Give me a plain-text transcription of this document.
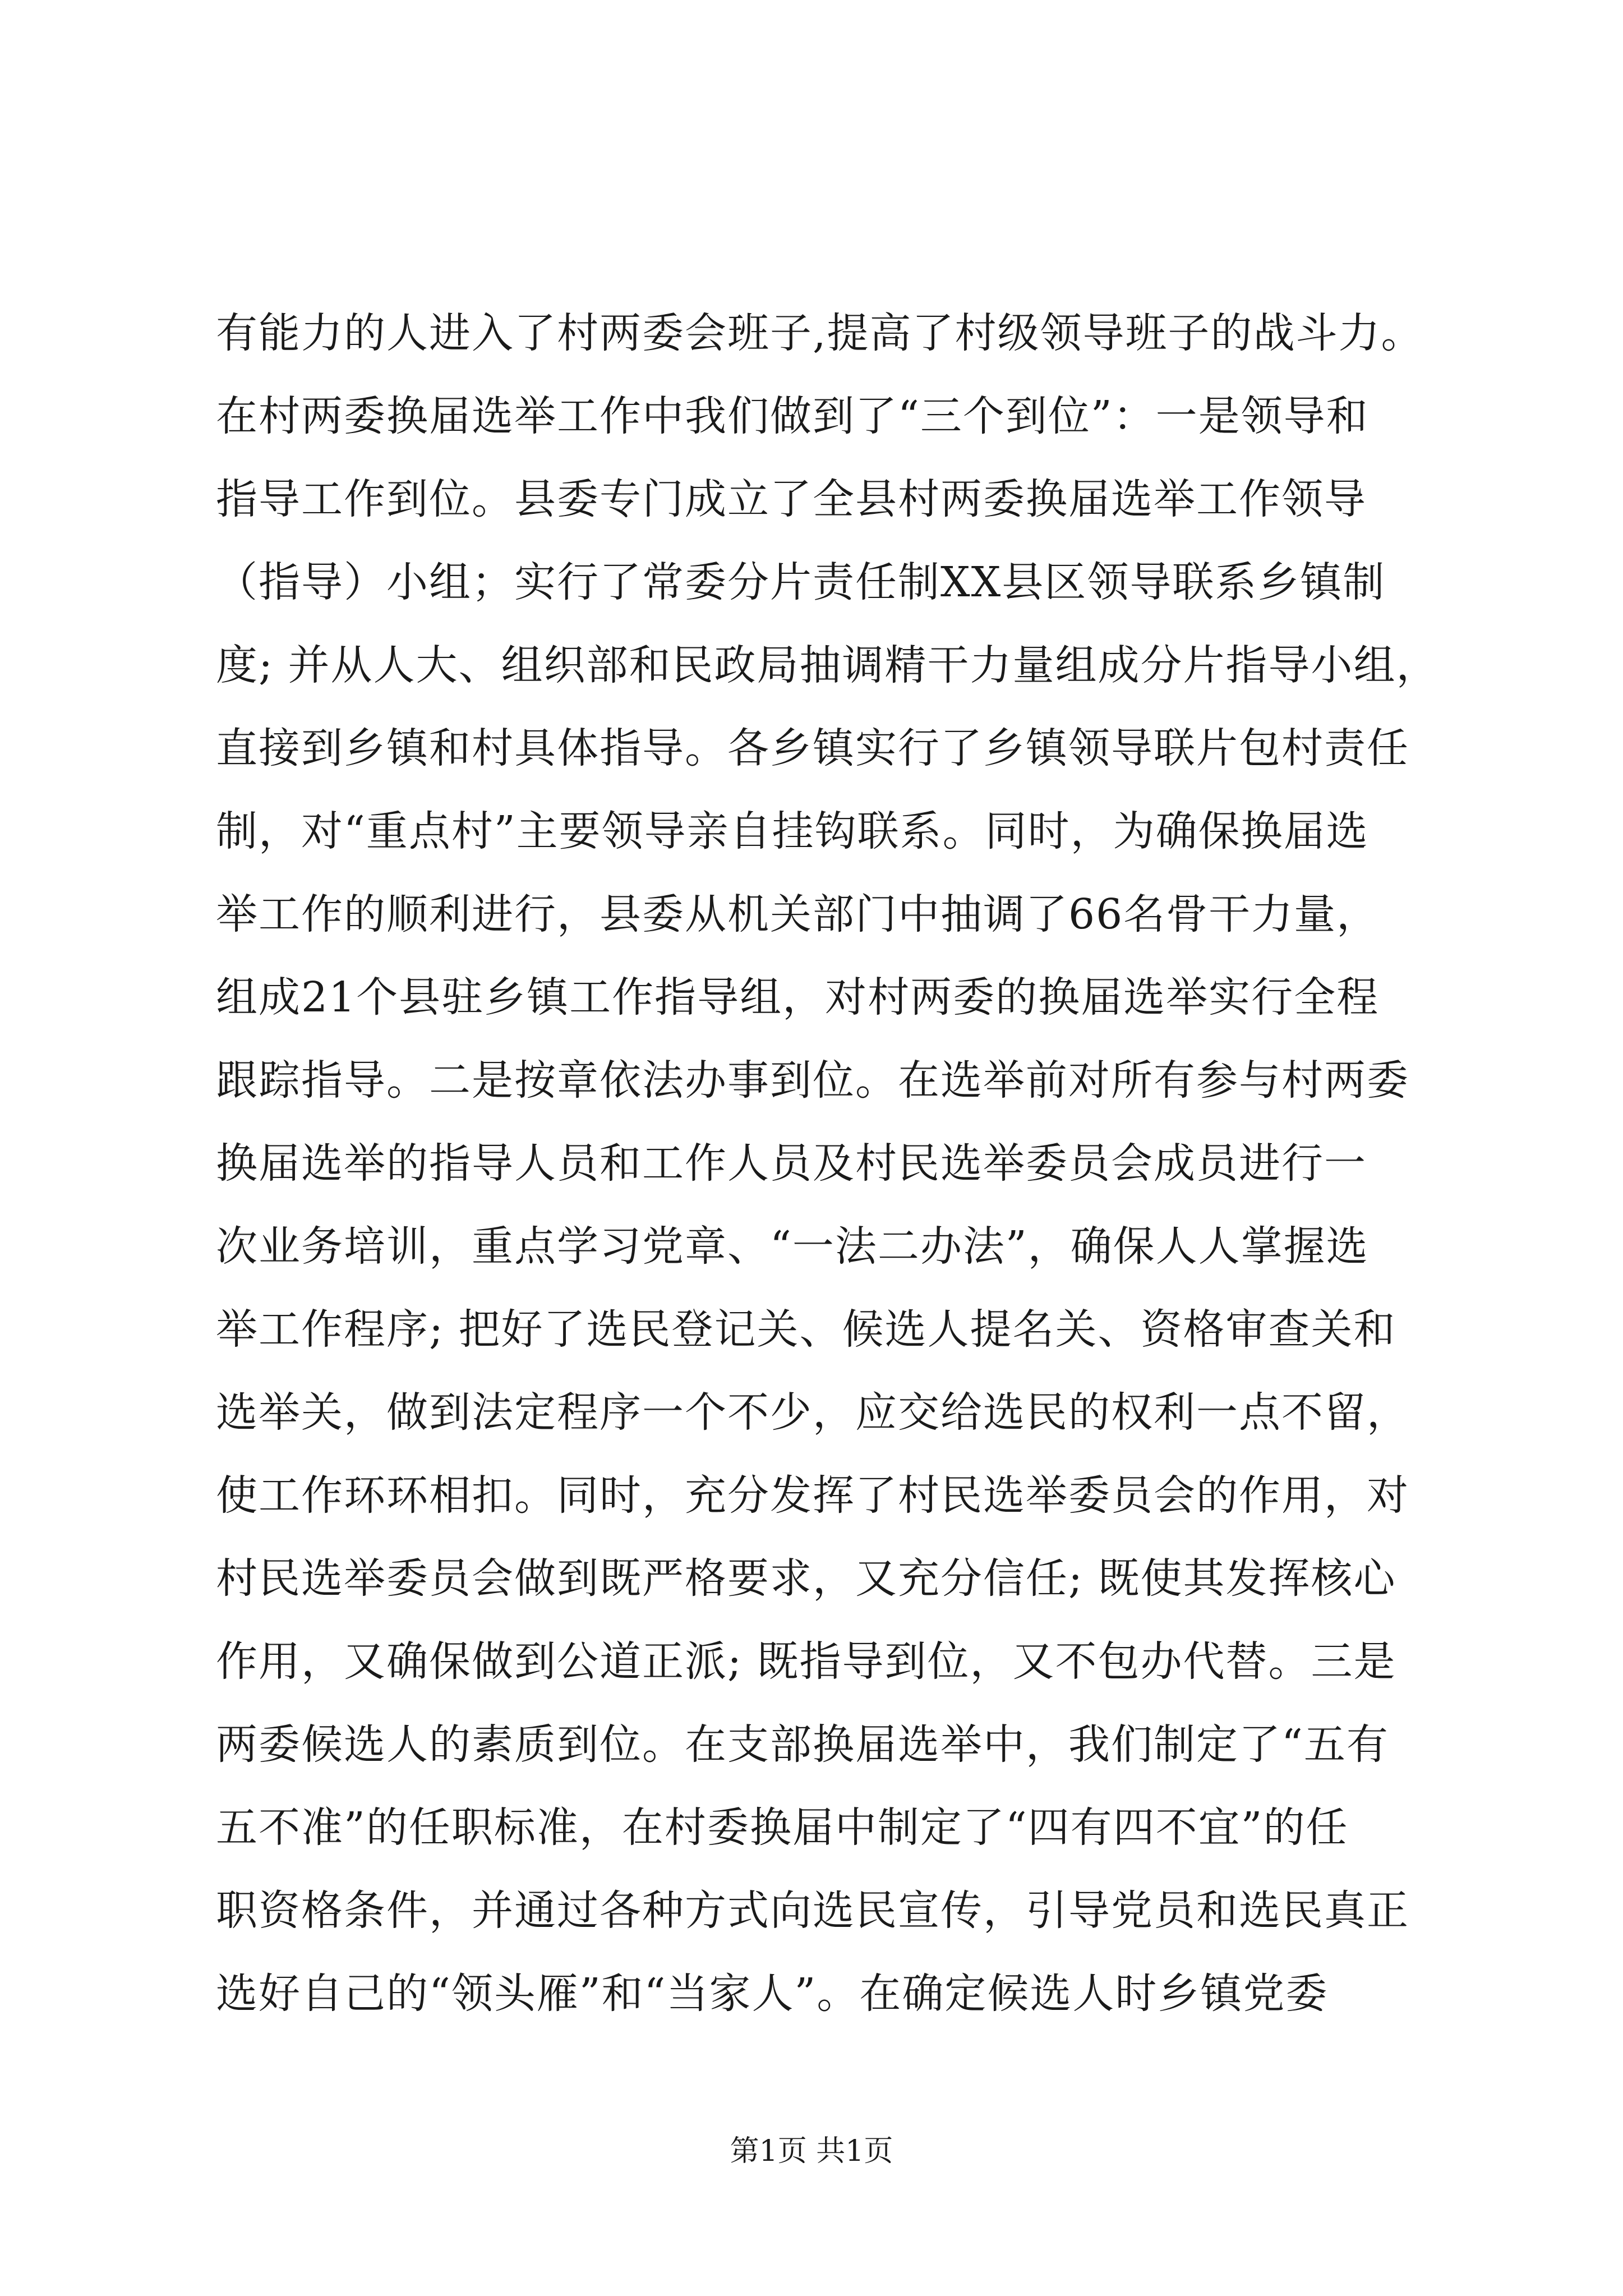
有能力的人进入了村两委会班子,提高了村级领导班子的战斗力。
在村两委换届选举工作中我们做到了“三个到位”：一是领导和
指导工作到位。县委专门成立了全县村两委换届选举工作领导
（指导）小组；实行了常委分片责任制XX县区领导联系乡镇制
度; 并从人大、组织部和民政局抽调精干力量组成分片指导小组，
直接到乡镇和村具体指导。各乡镇实行了乡镇领导联片包村责任
制，对“重点村”主要领导亲自挂钩联系。同时，为确保换届选
举工作的顺利进行，县委从机关部门中抽调了66名骨干力量，
组成21个县驻乡镇工作指导组，对村两委的换届选举实行全程
跟踪指导。二是按章依法办事到位。在选举前对所有参与村两委
换届选举的指导人员和工作人员及村民选举委员会成员进行一
次业务培训，重点学习党章、“一法二办法”，确保人人掌握选
举工作程序; 把好了选民登记关、候选人提名关、资格审查关和
选举关，做到法定程序一个不少，应交给选民的权利一点不留，
使工作环环相扣。同时，充分发挥了村民选举委员会的作用，对
村民选举委员会做到既严格要求，又充分信任; 既使其发挥核心
作用，又确保做到公道正派; 既指导到位，又不包办代替。三是
两委候选人的素质到位。在支部换届选举中，我们制定了“五有
五不准”的任职标准，在村委换届中制定了“四有四不宜”的任
职资格条件，并通过各种方式向选民宣传，引导党员和选民真正
选好自己的“领头雁”和“当家人”。在确定候选人时乡镇党委
第1页 共1页
